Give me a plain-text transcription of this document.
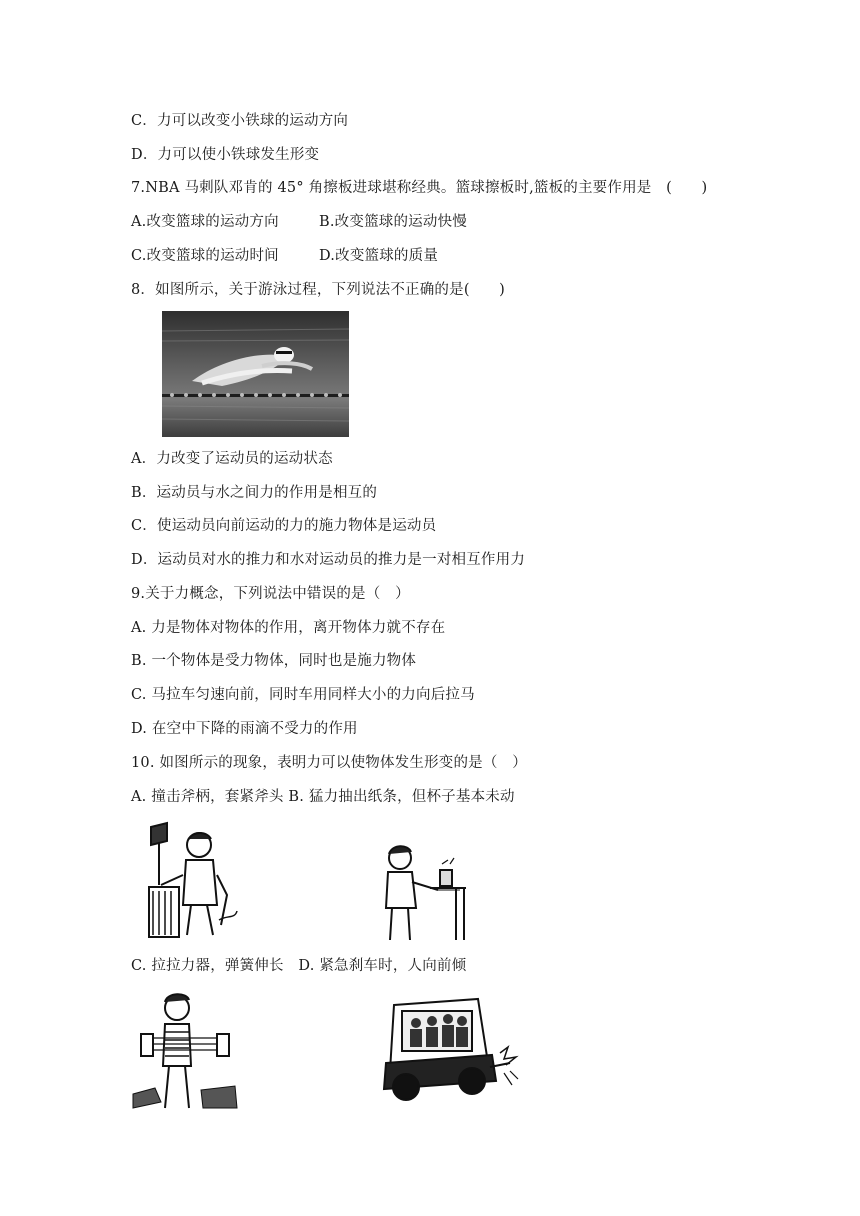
C．力可以改变小铁球的运动方向
D．力可以使小铁球发生形变
7.NBA 马刺队邓肯的 45° 角擦板进球堪称经典。篮球擦板时,篮板的主要作用是　(　　)
A.改变篮球的运动方向	B.改变篮球的运动快慢
C.改变篮球的运动时间	D.改变篮球的质量
8．如图所示，关于游泳过程，下列说法不正确的是(　　)
A．力改变了运动员的运动状态
B．运动员与水之间力的作用是相互的
C．使运动员向前运动的力的施力物体是运动员
D．运动员对水的推力和水对运动员的推力是一对相互作用力
9.关于力概念，下列说法中错误的是（　）
A. 力是物体对物体的作用，离开物体力就不存在
B. 一个物体是受力物体，同时也是施力物体
C. 马拉车匀速向前，同时车用同样大小的力向后拉马
D. 在空中下降的雨滴不受力的作用
10. 如图所示的现象，表明力可以使物体发生形变的是（　）
A. 撞击斧柄，套紧斧头 B. 猛力抽出纸条，但杯子基本未动
C. 拉拉力器，弹簧伸长　D. 紧急刹车时，人向前倾
